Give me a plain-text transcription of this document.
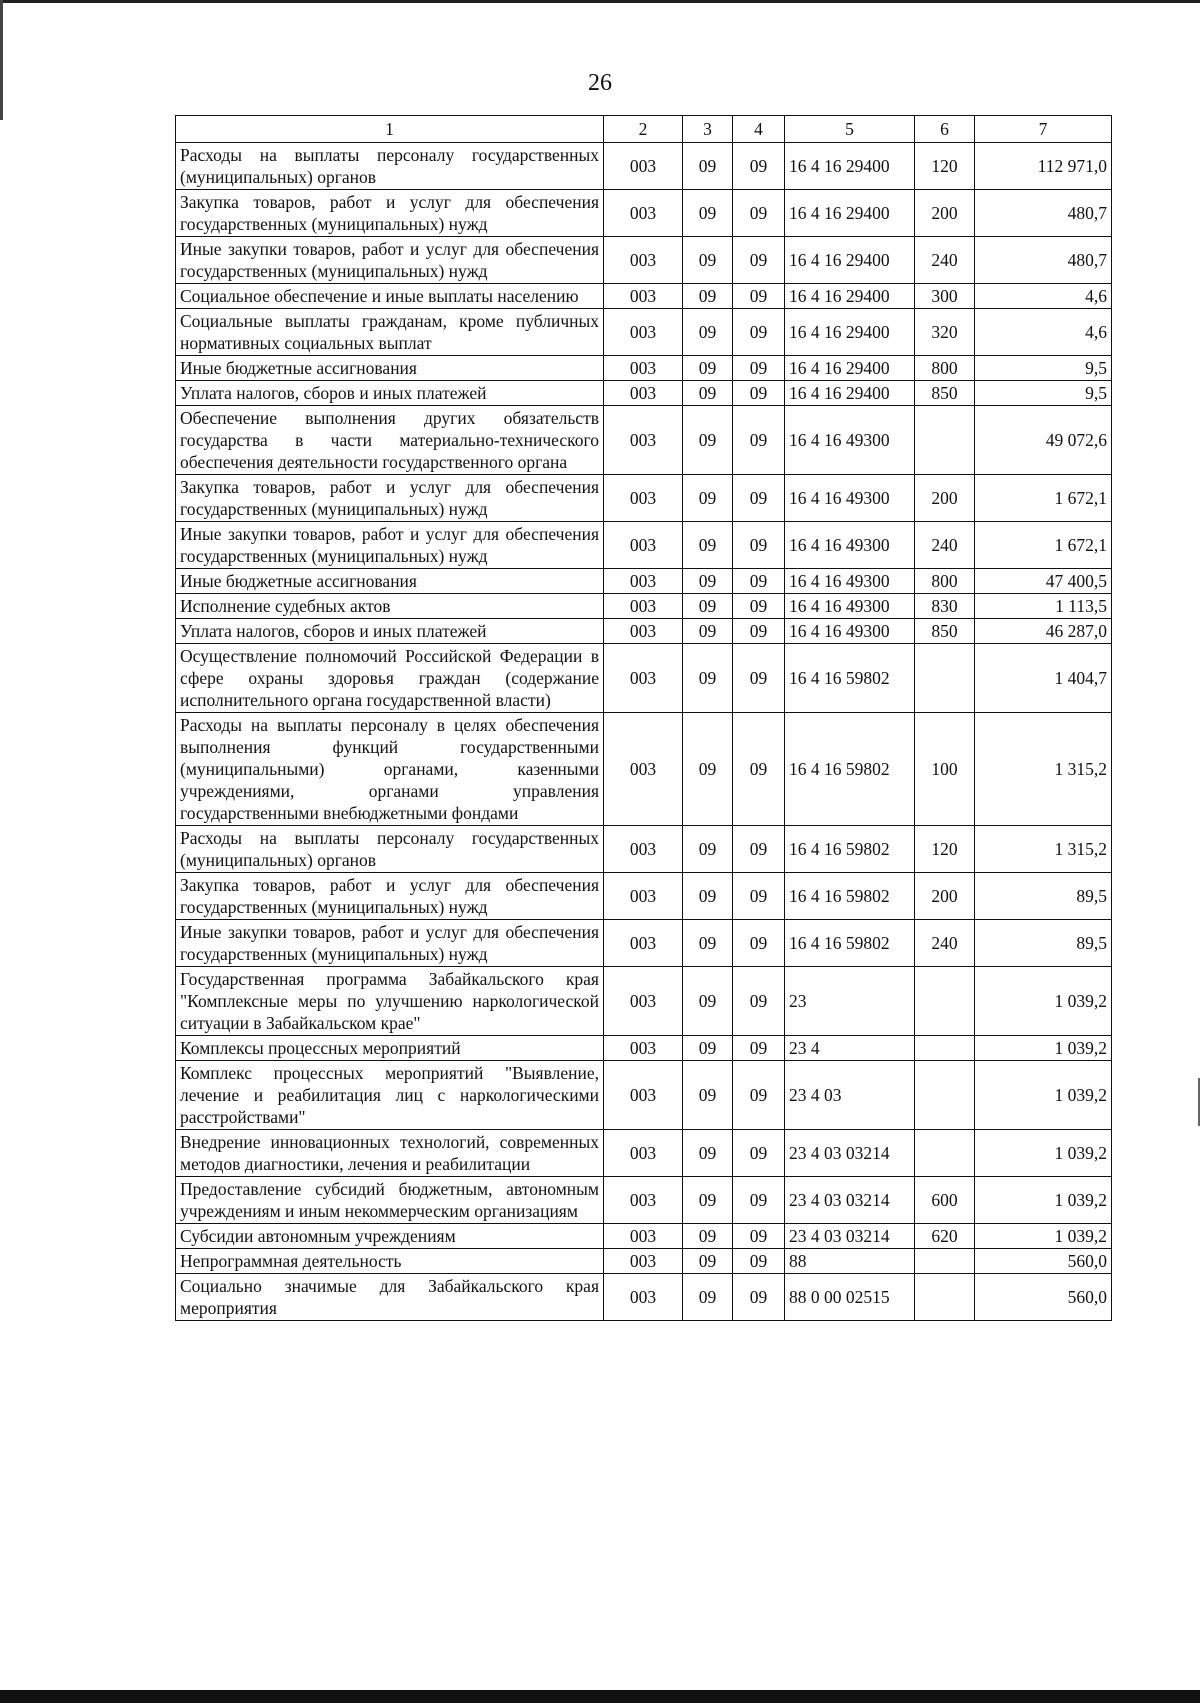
26
1	2	3	4	5	6	7
Расходы на выплаты персоналу государственных (муниципальных) органов	003	09	09	16 4 16 29400	120	112 971,0
Закупка товаров, работ и услуг для обеспечения государственных (муниципальных) нужд	003	09	09	16 4 16 29400	200	480,7
Иные закупки товаров, работ и услуг для обеспечения государственных (муниципальных) нужд	003	09	09	16 4 16 29400	240	480,7
Социальное обеспечение и иные выплаты населению	003	09	09	16 4 16 29400	300	4,6
Социальные выплаты гражданам, кроме публичных нормативных социальных выплат	003	09	09	16 4 16 29400	320	4,6
Иные бюджетные ассигнования	003	09	09	16 4 16 29400	800	9,5
Уплата налогов, сборов и иных платежей	003	09	09	16 4 16 29400	850	9,5
Обеспечение выполнения других обязательств государства в части материально-технического обеспечения деятельности государственного органа	003	09	09	16 4 16 49300		49 072,6
Закупка товаров, работ и услуг для обеспечения государственных (муниципальных) нужд	003	09	09	16 4 16 49300	200	1 672,1
Иные закупки товаров, работ и услуг для обеспечения государственных (муниципальных) нужд	003	09	09	16 4 16 49300	240	1 672,1
Иные бюджетные ассигнования	003	09	09	16 4 16 49300	800	47 400,5
Исполнение судебных актов	003	09	09	16 4 16 49300	830	1 113,5
Уплата налогов, сборов и иных платежей	003	09	09	16 4 16 49300	850	46 287,0
Осуществление полномочий Российской Федерации в сфере охраны здоровья граждан (содержание исполнительного органа государственной власти)	003	09	09	16 4 16 59802		1 404,7
Расходы на выплаты персоналу в целях обеспечения выполнения функций государственными (муниципальными) органами, казенными учреждениями, органами управления государственными внебюджетными фондами	003	09	09	16 4 16 59802	100	1 315,2
Расходы на выплаты персоналу государственных (муниципальных) органов	003	09	09	16 4 16 59802	120	1 315,2
Закупка товаров, работ и услуг для обеспечения государственных (муниципальных) нужд	003	09	09	16 4 16 59802	200	89,5
Иные закупки товаров, работ и услуг для обеспечения государственных (муниципальных) нужд	003	09	09	16 4 16 59802	240	89,5
Государственная программа Забайкальского края "Комплексные меры по улучшению наркологической ситуации в Забайкальском крае"	003	09	09	23		1 039,2
Комплексы процессных мероприятий	003	09	09	23 4		1 039,2
Комплекс процессных мероприятий "Выявление, лечение и реабилитация лиц с наркологическими расстройствами"	003	09	09	23 4 03		1 039,2
Внедрение инновационных технологий, современных методов диагностики, лечения и реабилитации	003	09	09	23 4 03 03214		1 039,2
Предоставление субсидий бюджетным, автономным учреждениям и иным некоммерческим организациям	003	09	09	23 4 03 03214	600	1 039,2
Субсидии автономным учреждениям	003	09	09	23 4 03 03214	620	1 039,2
Непрограммная деятельность	003	09	09	88		560,0
Социально значимые для Забайкальского края мероприятия	003	09	09	88 0 00 02515		560,0
